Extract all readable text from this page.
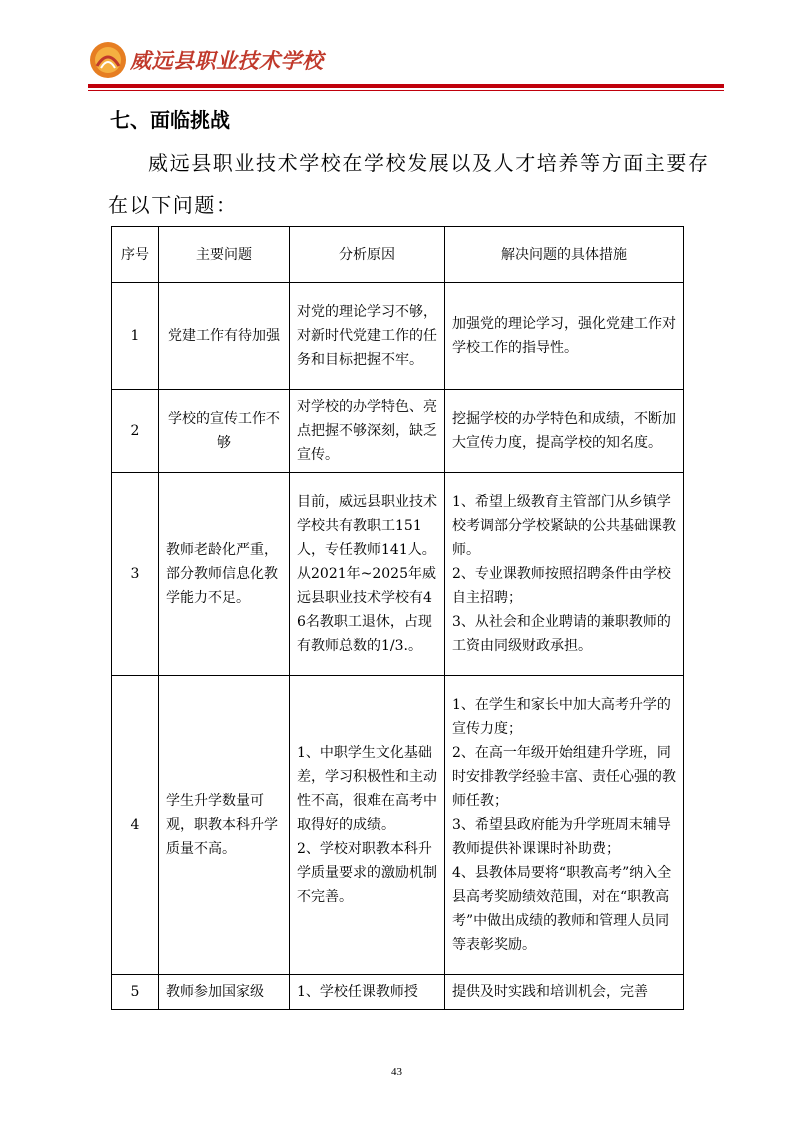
威远县职业技术学校
七、面临挑战

威远县职业技术学校在学校发展以及人才培养等方面主要存在以下问题：

序号	主要问题	分析原因	解决问题的具体措施
1	党建工作有待加强	对党的理论学习不够，对新时代党建工作的任务和目标把握不牢。	加强党的理论学习，强化党建工作对学校工作的指导性。

2	学校的宣传工作不够	对学校的办学特色、亮点把握不够深刻，缺乏宣传。	挖掘学校的办学特色和成绩，不断加大宣传力度，提高学校的知名度。

3	教师老龄化严重，部分教师信息化教学能力不足。	目前，威远县职业技术学校共有教职工151人，专任教师141人。从2021年~2025年威远县职业技术学校有46名教职工退休，占现有教师总数的1/3.。	1、希望上级教育主管部门从乡镇学校考调部分学校紧缺的公共基础课教师。
2、专业课教师按照招聘条件由学校自主招聘；
3、从社会和企业聘请的兼职教师的工资由同级财政承担。

4	学生升学数量可观，职教本科升学质量不高。	1、中职学生文化基础差，学习积极性和主动性不高，很难在高考中取得好的成绩。
2、学校对职教本科升学质量要求的激励机制不完善。	1、在学生和家长中加大高考升学的宣传力度；
2、在高一年级开始组建升学班，同时安排教学经验丰富、责任心强的教师任教；
3、希望县政府能为升学班周末辅导教师提供补课课时补助费；
4、县教体局要将“职教高考”纳入全县高考奖励绩效范围，对在“职教高考”中做出成绩的教师和管理人员同等表彰奖励。

5	教师参加国家级	1、学校任课教师授	提供及时实践和培训机会，完善
43
